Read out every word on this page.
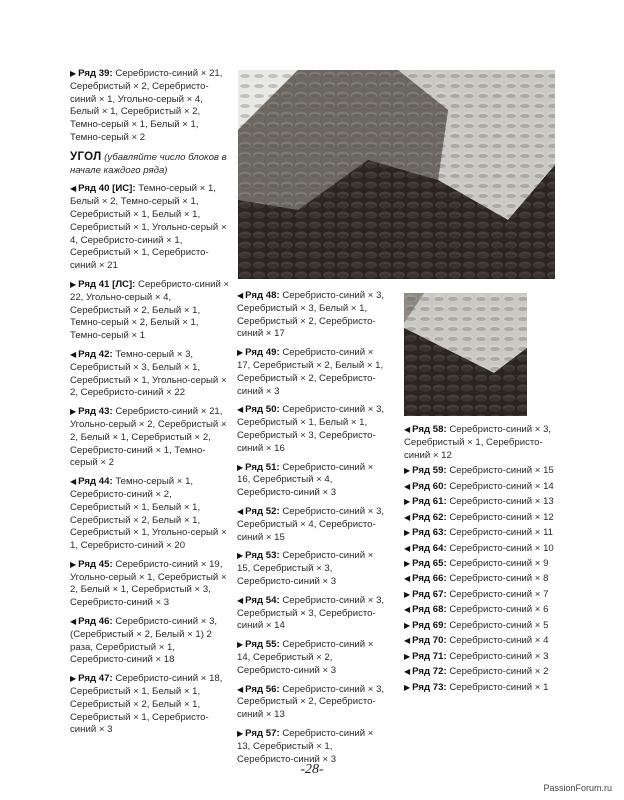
▶ Ряд 39: Серебристо-синий × 21, Серебристый × 2, Серебристо-синий × 1, Угольно-серый × 4, Белый × 1, Серебристый × 2, Темно-серый × 1, Белый × 1, Темно-серый × 2
УГОЛ (убавляйте число блоков в начале каждого ряда)
◀ Ряд 40 [ИС]: Темно-серый × 1, Белый × 2, Темно-серый × 1, Серебристый × 1, Белый × 1, Серебристый × 1, Угольно-серый × 4, Серебристо-синий × 1, Серебристый × 1, Серебристо-синий × 21
▶ Ряд 41 [ЛС]: Серебристо-синий × 22, Угольно-серый × 4, Серебристый × 2, Белый × 1, Темно-серый × 2, Белый × 1, Темно-серый × 1
◀ Ряд 42: Темно-серый × 3, Серебристый × 3, Белый × 1, Серебристый × 1, Угольно-серый × 2, Серебристо-синий × 22
▶ Ряд 43: Серебристо-синий × 21, Угольно-серый × 2, Серебристый × 2, Белый × 1, Серебристый × 2, Серебристо-синий × 1, Темно-серый × 2
◀ Ряд 44: Темно-серый × 1, Серебристо-синий × 2, Серебристый × 1, Белый × 1, Серебристый × 2, Белый × 1, Серебристый × 1, Угольно-серый × 1, Серебристо-синий × 20
▶ Ряд 45: Серебристо-синий × 19, Угольно-серый × 1, Серебристый × 2, Белый × 1, Серебристый × 3, Серебристо-синий × 3
◀ Ряд 46: Серебристо-синий × 3, (Серебристый × 2, Белый × 1) 2 раза, Серебристый × 1, Серебристо-синий × 18
▶ Ряд 47: Серебристо-синий × 18, Серебристый × 1, Белый × 1, Серебристый × 2, Белый × 1, Серебристый × 1, Серебристо-синий × 3
◀ Ряд 48: Серебристо-синий × 3, Серебристый × 3, Белый × 1, Серебристый × 2, Серебристо-синий × 17
▶ Ряд 49: Серебристо-синий × 17, Серебристый × 2, Белый × 1, Серебристый × 2, Серебристо-синий × 3
◀ Ряд 50: Серебристо-синий × 3, Серебристый × 1, Белый × 1, Серебристый × 3, Серебристо-синий × 16
▶ Ряд 51: Серебристо-синий × 16, Серебристый × 4, Серебристо-синий × 3
◀ Ряд 52: Серебристо-синий × 3, Серебристый × 4, Серебристо-синий × 15
▶ Ряд 53: Серебристо-синий × 15, Серебристый × 3, Серебристо-синий × 3
◀ Ряд 54: Серебристо-синий × 3, Серебристый × 3, Серебристо-синий × 14
▶ Ряд 55: Серебристо-синий × 14, Серебристый × 2, Серебристо-синий × 3
◀ Ряд 56: Серебристо-синий × 3, Серебристый × 2, Серебристо-синий × 13
▶ Ряд 57: Серебристо-синий × 13, Серебристый × 1, Серебристо-синий × 3
◀ Ряд 58: Серебристо-синий × 3, Серебристый × 1, Серебристо-синий × 12
▶ Ряд 59: Серебристо-синий × 15
◀ Ряд 60: Серебристо-синий × 14
▶ Ряд 61: Серебристо-синий × 13
◀ Ряд 62: Серебристо-синий × 12
▶ Ряд 63: Серебристо-синий × 11
◀ Ряд 64: Серебристо-синий × 10
▶ Ряд 65: Серебристо-синий × 9
◀ Ряд 66: Серебристо-синий × 8
▶ Ряд 67: Серебристо-синий × 7
◀ Ряд 68: Серебристо-синий × 6
▶ Ряд 69: Серебристо-синий × 5
◀ Ряд 70: Серебристо-синий × 4
▶ Ряд 71: Серебристо-синий × 3
◀ Ряд 72: Серебристо-синий × 2
▶ Ряд 73: Серебристо-синий × 1
-28-
PassionForum.ru
